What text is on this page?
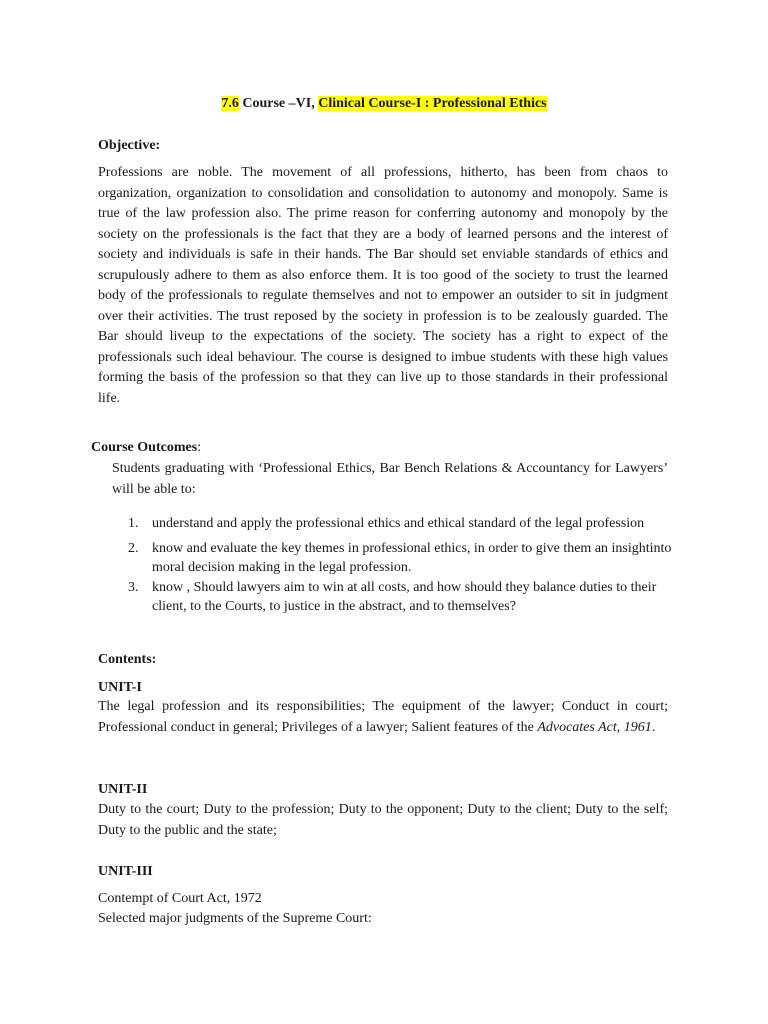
7.6 Course –VI, Clinical Course-I : Professional Ethics
Objective:

Professions are noble. The movement of all professions, hitherto, has been from chaos to organization, organization to consolidation and consolidation to autonomy and monopoly. Same is true of the law profession also. The prime reason for conferring autonomy and monopoly by the society on the professionals is the fact that they are a body of learned persons and the interest of society and individuals is safe in their hands. The Bar should set enviable standards of ethics and scrupulously adhere to them as also enforce them. It is too good of the society to trust the learned body of the professionals to regulate themselves and not to empower an outsider to sit in judgment over their activities. The trust reposed by the society in profession is to be zealously guarded. The Bar should liveup to the expectations of the society. The society has a right to expect of the professionals such ideal behaviour. The course is designed to imbue students with these high values forming the basis of the profession so that they can live up to those standards in their professional life.

Course Outcomes:

Students graduating with ‘Professional Ethics, Bar Bench Relations & Accountancy for Lawyers’ will be able to:

1. understand and apply the professional ethics and ethical standard of the legal profession
2. know and evaluate the key themes in professional ethics, in order to give them an insightinto moral decision making in the legal profession.
3. know , Should lawyers aim to win at all costs, and how should they balance duties to their client, to the Courts, to justice in the abstract, and to themselves?
Contents:
UNIT-I

The legal profession and its responsibilities; The equipment of the lawyer; Conduct in court; Professional conduct in general; Privileges of a lawyer; Salient features of the Advocates Act, 1961.

UNIT-II

Duty to the court; Duty to the profession; Duty to the opponent; Duty to the client; Duty to the self; Duty to the public and the state;

UNIT-III

Contempt of Court Act, 1972

Selected major judgments of the Supreme Court:
